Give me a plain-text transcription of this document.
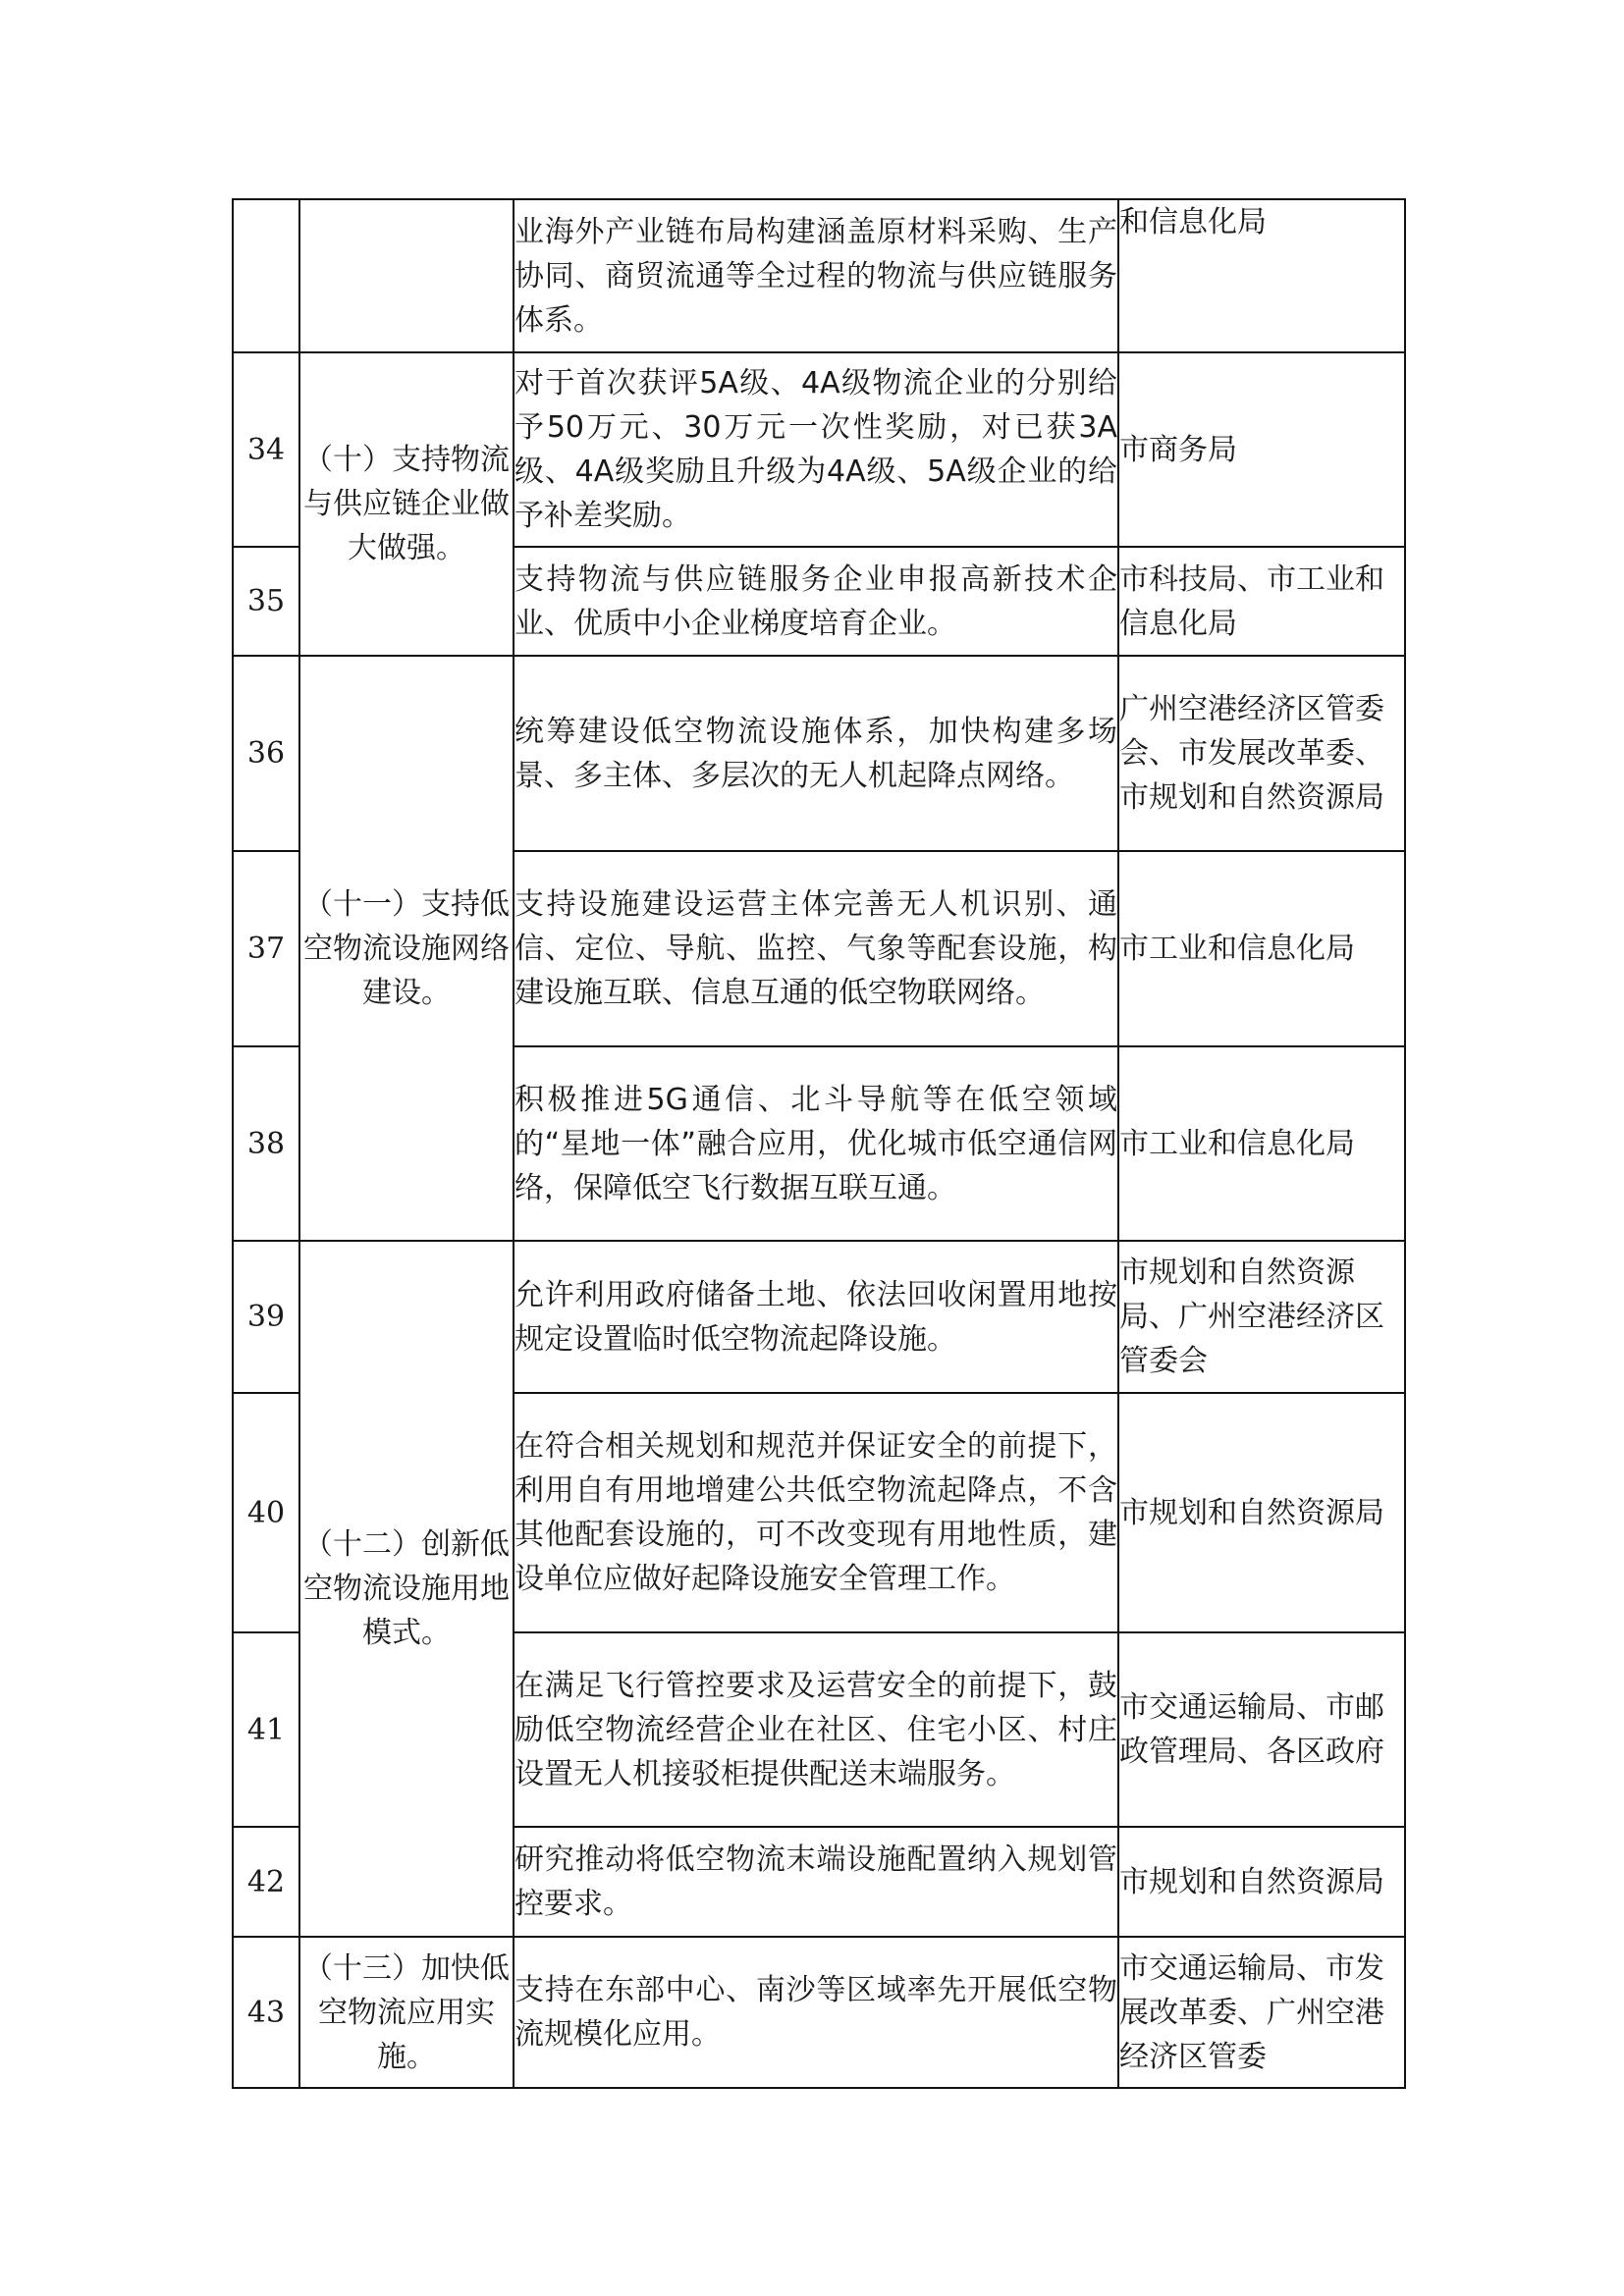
		业海外产业链布局构建涵盖原材料采购、生产协同、商贸流通等全过程的物流与供应链服务体系。	和信息化局
34	（十）支持物流与供应链企业做大做强。	对于首次获评5A级、4A级物流企业的分别给予50万元、30万元一次性奖励，对已获3A级、4A级奖励且升级为4A级、5A级企业的给予补差奖励。	市商务局
35		支持物流与供应链服务企业申报高新技术企业、优质中小企业梯度培育企业。	市科技局、市工业和信息化局
36	（十一）支持低空物流设施网络建设。	统筹建设低空物流设施体系，加快构建多场景、多主体、多层次的无人机起降点网络。	广州空港经济区管委会、市发展改革委、市规划和自然资源局
37		支持设施建设运营主体完善无人机识别、通信、定位、导航、监控、气象等配套设施，构建设施互联、信息互通的低空物联网络。	市工业和信息化局
38		积极推进5G通信、北斗导航等在低空领域的“星地一体”融合应用，优化城市低空通信网络，保障低空飞行数据互联互通。	市工业和信息化局
39	（十二）创新低空物流设施用地模式。	允许利用政府储备土地、依法回收闲置用地按规定设置临时低空物流起降设施。	市规划和自然资源局、广州空港经济区管委会
40		在符合相关规划和规范并保证安全的前提下，利用自有用地增建公共低空物流起降点，不含其他配套设施的，可不改变现有用地性质，建设单位应做好起降设施安全管理工作。	市规划和自然资源局
41		在满足飞行管控要求及运营安全的前提下，鼓励低空物流经营企业在社区、住宅小区、村庄设置无人机接驳柜提供配送末端服务。	市交通运输局、市邮政管理局、各区政府
42		研究推动将低空物流末端设施配置纳入规划管控要求。	市规划和自然资源局
43	（十三）加快低空物流应用实施。	支持在东部中心、南沙等区域率先开展低空物流规模化应用。	市交通运输局、市发展改革委、广州空港经济区管委
